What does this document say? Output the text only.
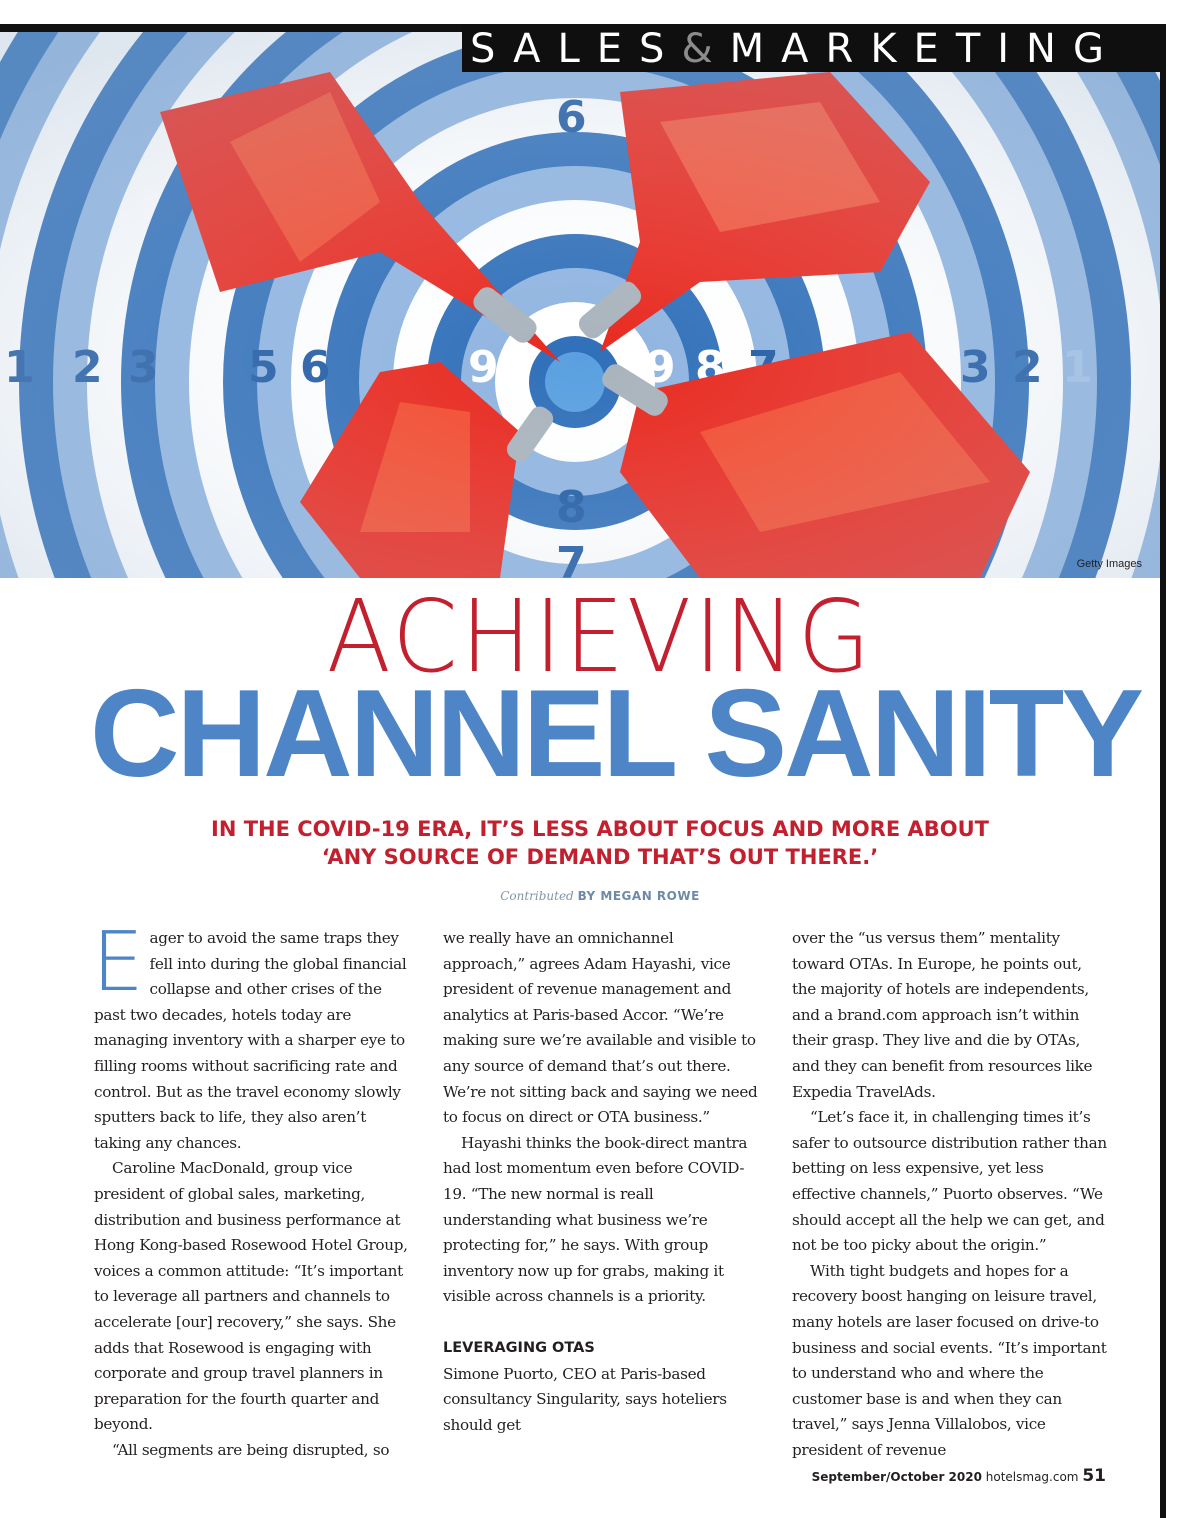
Getty Images
SALES& MARKETING
ACHIEVING
CHANNEL SANITY
IN THE COVID-19 ERA, IT’S LESS ABOUT FOCUS AND MORE ABOUT
‘ANY SOURCE OF DEMAND THAT’S OUT THERE.’
Contributed BY MEGAN ROWE
E ager to avoid the same traps they fell into during the global financial collapse and other crises of the past two decades, hotels today are managing inventory with a sharper eye to filling rooms without sacrificing rate and control. But as the travel economy slowly sputters back to life, they also aren’t taking any chances.

Caroline MacDonald, group vice president of global sales, marketing, distribution and business performance at Hong Kong-based Rosewood Hotel Group, voices a common attitude: “It’s important to leverage all partners and channels to accelerate [our] recovery,” she says. She adds that Rosewood is engaging with corporate and group travel planners in preparation for the fourth quarter and beyond.

“All segments are being disrupted, so

we really have an omnichannel approach,” agrees Adam Hayashi, vice president of revenue management and analytics at Paris-based Accor. “We’re making sure we’re available and visible to any source of demand that’s out there. We’re not sitting back and saying we need to focus on direct or OTA business.”

Hayashi thinks the book-direct mantra had lost momentum even before COVID-19. “The new normal is reall understanding what business we’re protecting for,” he says. With group inventory now up for grabs, making it visible across channels is a priority.

LEVERAGING OTAS

Simone Puorto, CEO at Paris-based consultancy Singularity, says hoteliers should get

over the “us versus them” mentality toward OTAs. In Europe, he points out, the majority of hotels are independents, and a brand.com approach isn’t within their grasp. They live and die by OTAs, and they can benefit from resources like Expedia TravelAds.

“Let’s face it, in challenging times it’s safer to outsource distribution rather than betting on less expensive, yet less effective channels,” Puorto observes. “We should accept all the help we can get, and not be too picky about the origin.”

With tight budgets and hopes for a recovery boost hanging on leisure travel, many hotels are laser focused on drive-to business and social events. “It’s important to understand who and where the customer base is and when they can travel,” says Jenna Villalobos, vice president of revenue

September/October 2020 hotelsmag.com 51
